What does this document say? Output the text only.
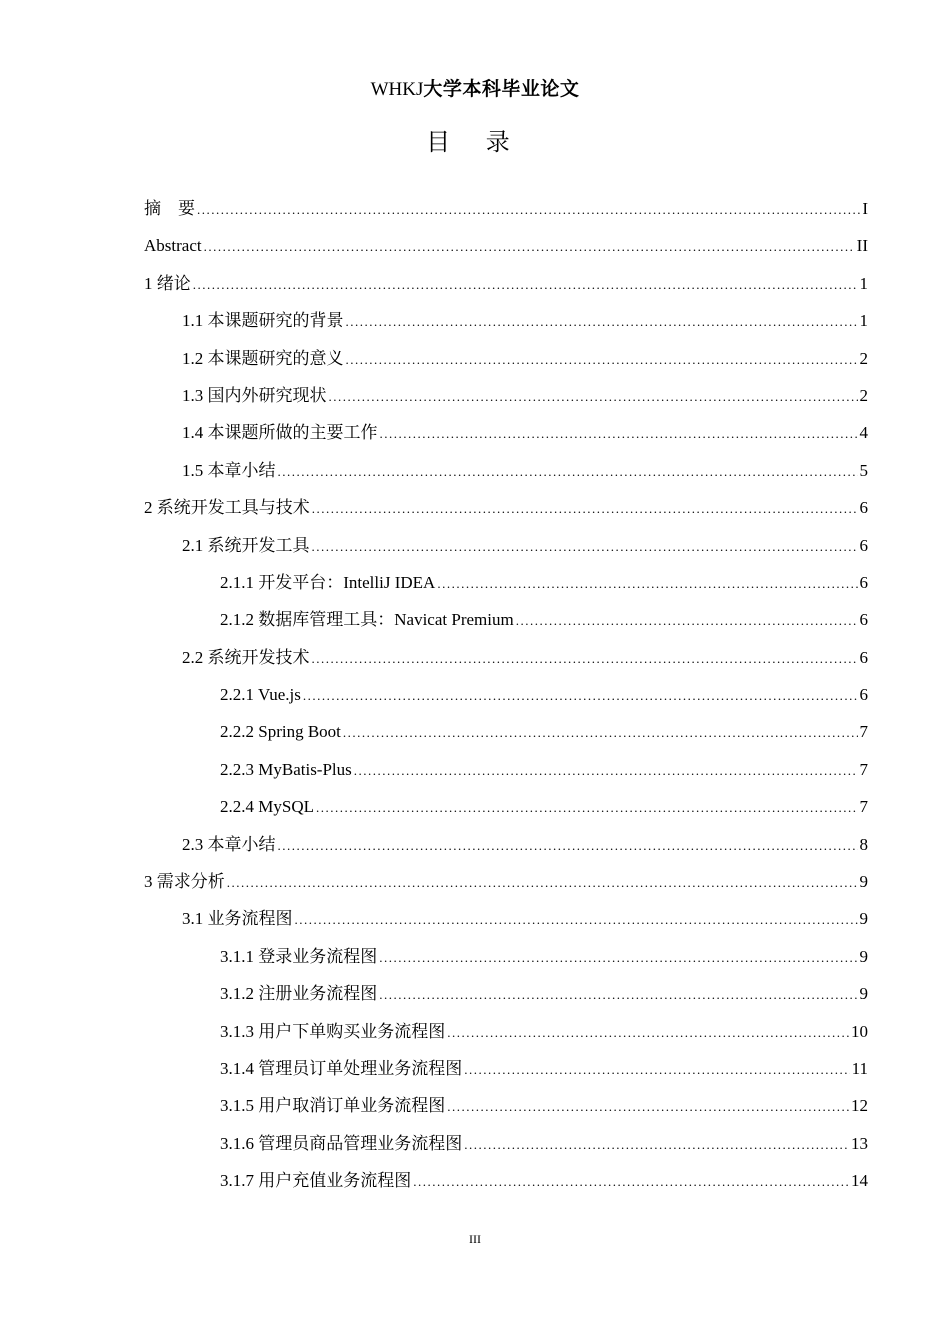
WHKJ大学本科毕业论文
目 录
摘　要 .....	I
Abstract .....	II
1 绪论 .....	1
1.1 本课题研究的背景 .....	1
1.2 本课题研究的意义 .....	2
1.3 国内外研究现状 .....	2
1.4 本课题所做的主要工作 .....	4
1.5 本章小结 .....	5
2 系统开发工具与技术 .....	6
2.1 系统开发工具 .....	6
2.1.1 开发平台：IntelliJ IDEA .....	6
2.1.2 数据库管理工具：Navicat Premium .....	6
2.2 系统开发技术 .....	6
2.2.1 Vue.js .....	6
2.2.2 Spring Boot .....	7
2.2.3 MyBatis-Plus .....	7
2.2.4 MySQL .....	7
2.3 本章小结 .....	8
3 需求分析 .....	9
3.1 业务流程图 .....	9
3.1.1 登录业务流程图 .....	9
3.1.2 注册业务流程图 .....	9
3.1.3 用户下单购买业务流程图 .....	10
3.1.4 管理员订单处理业务流程图 .....	11
3.1.5 用户取消订单业务流程图 .....	12
3.1.6 管理员商品管理业务流程图 .....	13
3.1.7 用户充值业务流程图 .....	14
III
